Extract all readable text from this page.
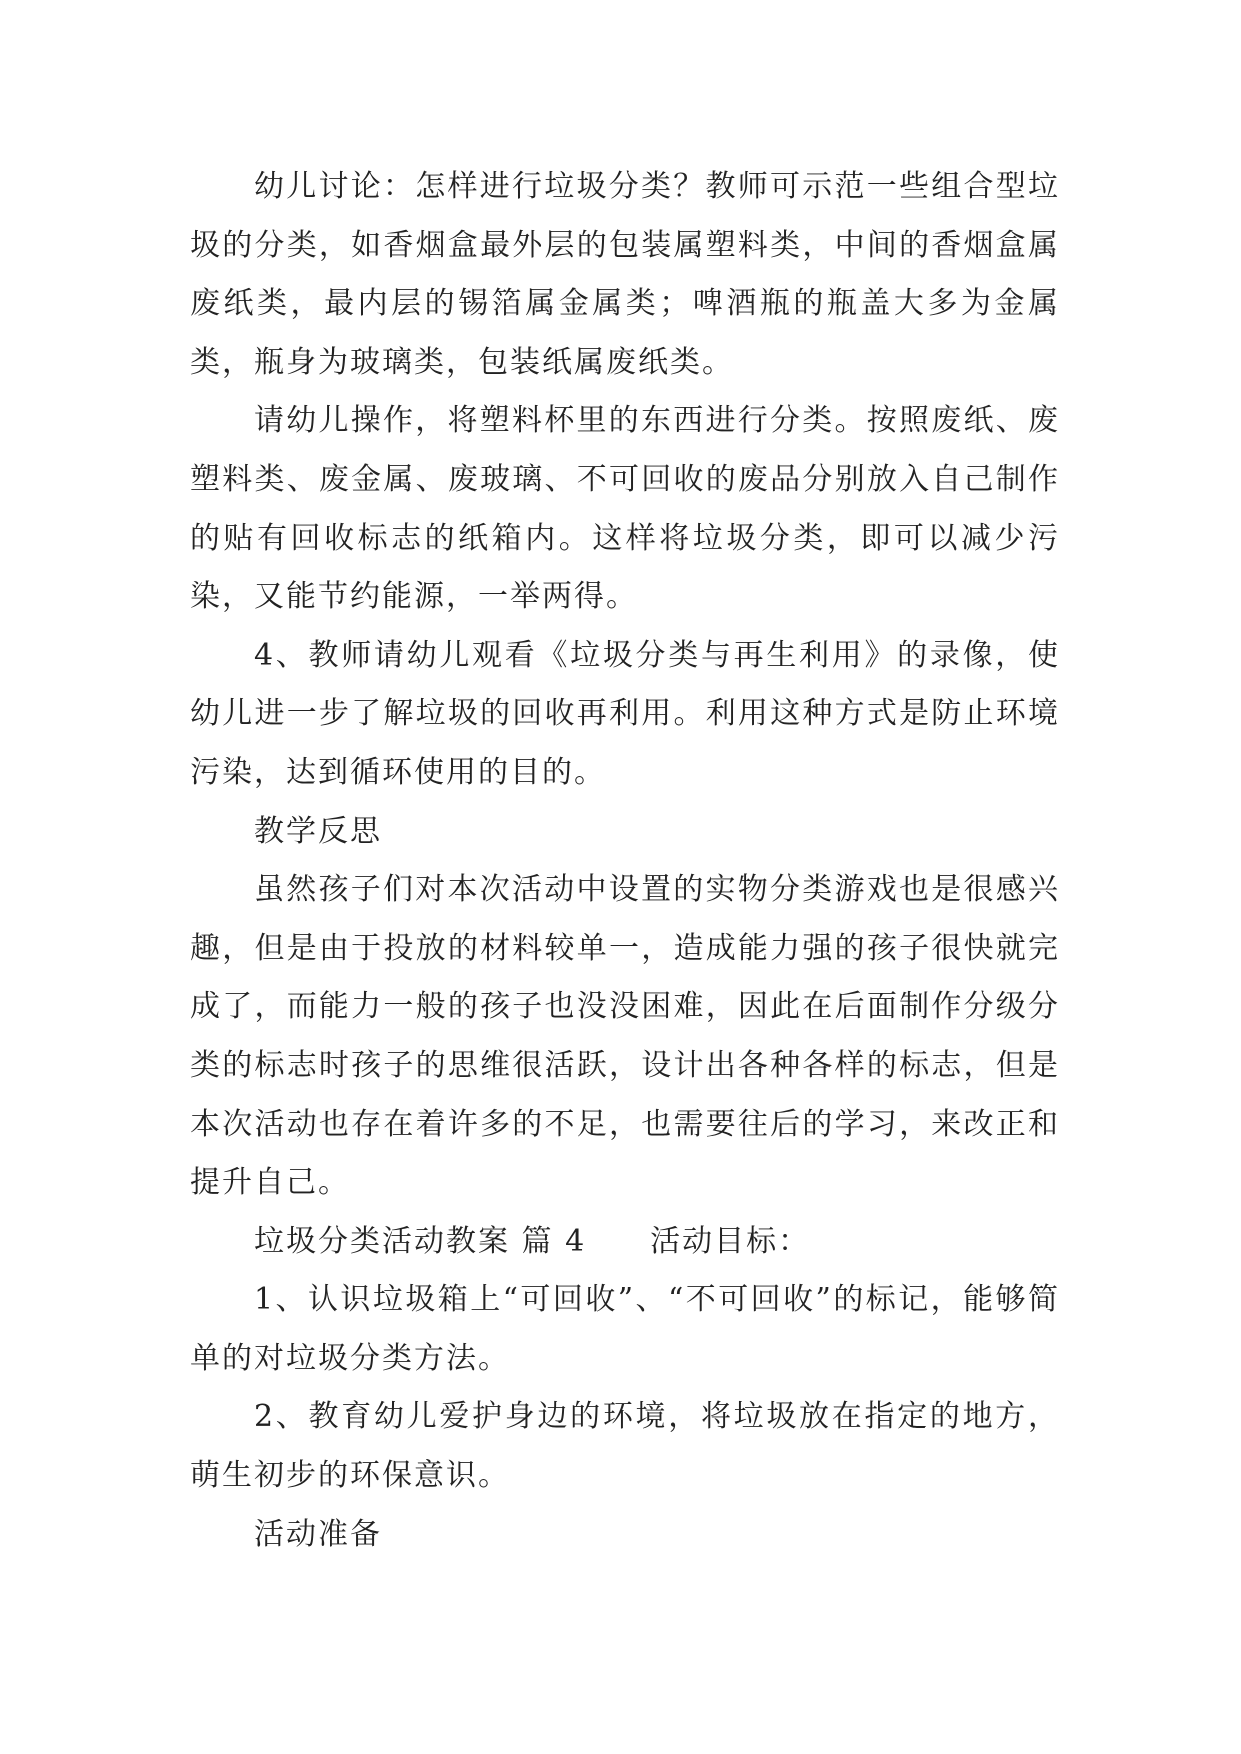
幼儿讨论：怎样进行垃圾分类？教师可示范一些组合型垃圾的分类，如香烟盒最外层的包装属塑料类，中间的香烟盒属废纸类，最内层的锡箔属金属类；啤酒瓶的瓶盖大多为金属类，瓶身为玻璃类，包装纸属废纸类。

请幼儿操作，将塑料杯里的东西进行分类。按照废纸、废塑料类、废金属、废玻璃、不可回收的废品分别放入自己制作的贴有回收标志的纸箱内。这样将垃圾分类，即可以减少污染，又能节约能源，一举两得。

4、教师请幼儿观看《垃圾分类与再生利用》的录像，使幼儿进一步了解垃圾的回收再利用。利用这种方式是防止环境污染，达到循环使用的目的。

教学反思

虽然孩子们对本次活动中设置的实物分类游戏也是很感兴趣，但是由于投放的材料较单一，造成能力强的孩子很快就完成了，而能力一般的孩子也没没困难，因此在后面制作分级分类的标志时孩子的思维很活跃，设计出各种各样的标志，但是本次活动也存在着许多的不足，也需要往后的学习，来改正和提升自己。

垃圾分类活动教案 篇 4 活动目标：

1、认识垃圾箱上“可回收”、“不可回收”的标记，能够简单的对垃圾分类方法。

2、教育幼儿爱护身边的环境，将垃圾放在指定的地方，萌生初步的环保意识。

活动准备
